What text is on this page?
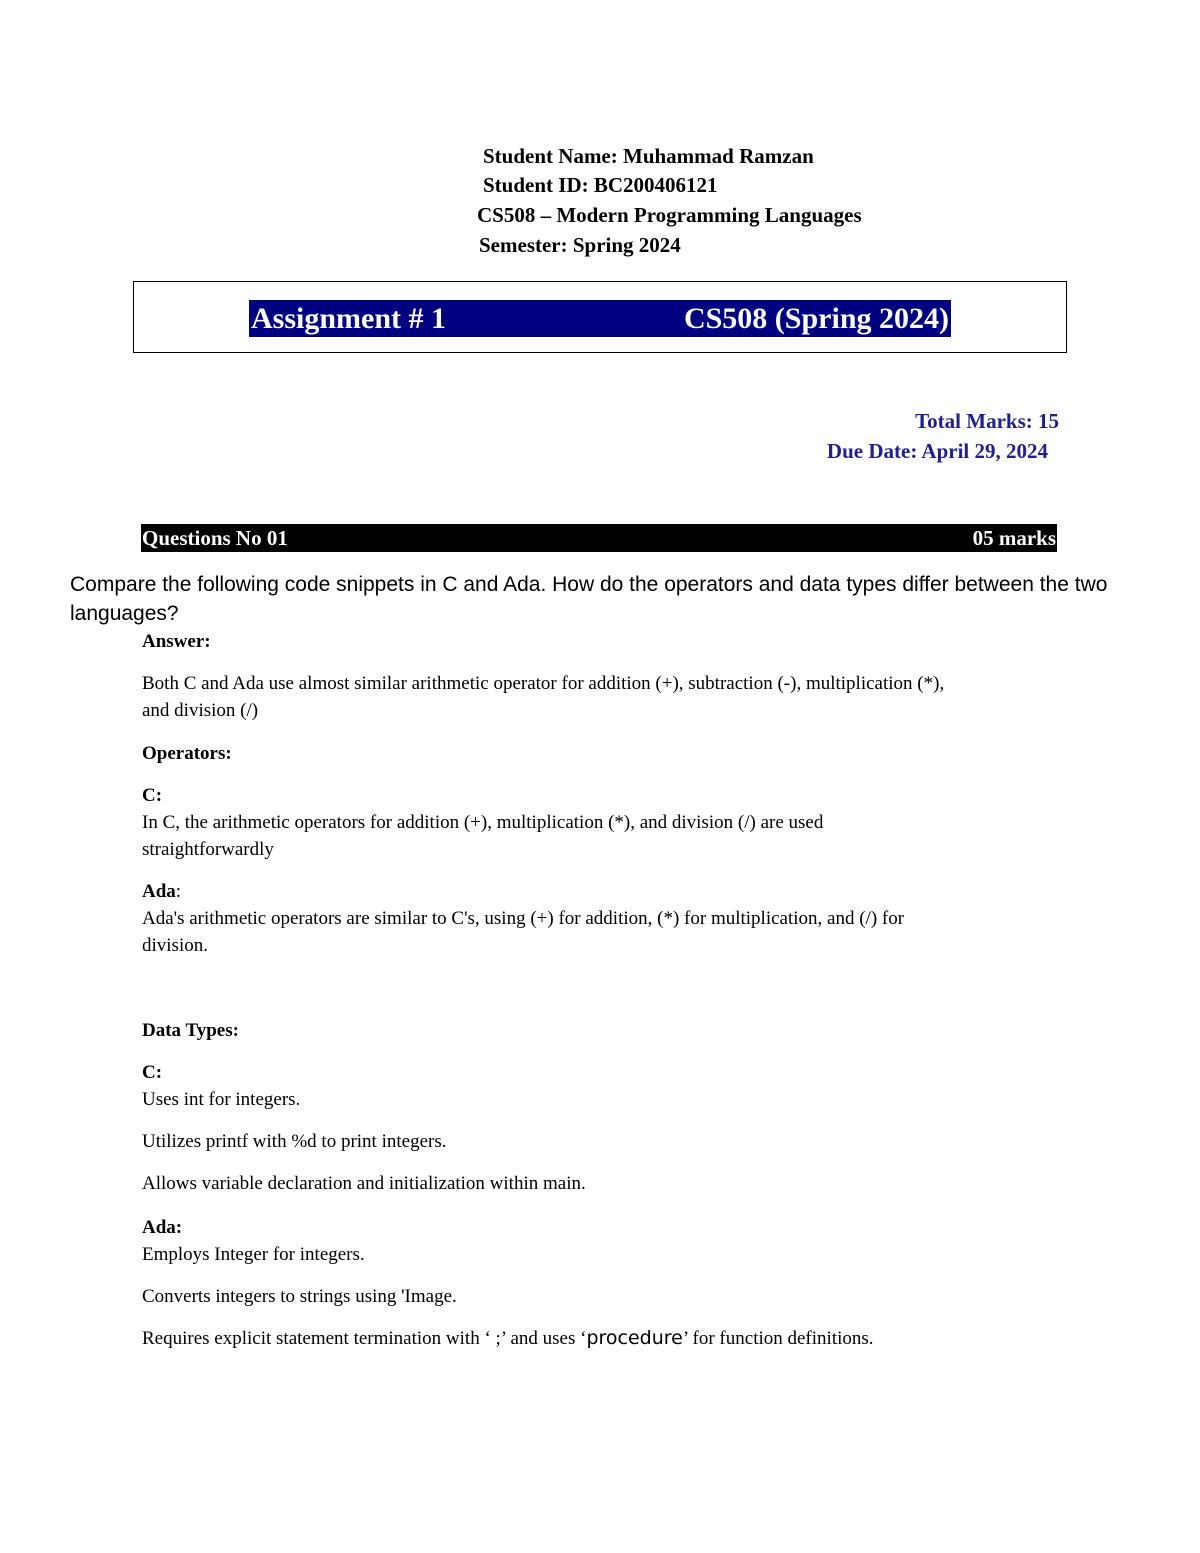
Student Name: Muhammad Ramzan
Student ID: BC200406121
CS508 – Modern Programming Languages
Semester: Spring 2024
Assignment # 1	CS508 (Spring 2024)
Total Marks: 15
Due Date: April 29, 2024
Questions No 01	05 marks
Compare the following code snippets in C and Ada. How do the operators and data types differ between the two languages?
Answer:
Both C and Ada use almost similar arithmetic operator for addition (+), subtraction (-), multiplication (*),
and division (/)
Operators:
C:
In C, the arithmetic operators for addition (+), multiplication (*), and division (/) are used
straightforwardly
Ada:
Ada's arithmetic operators are similar to C's, using (+) for addition, (*) for multiplication, and (/) for
division.
Data Types:
C:
Uses int for integers.
Utilizes printf with %d to print integers.
Allows variable declaration and initialization within main.
Ada:
Employs Integer for integers.
Converts integers to strings using 'Image.
Requires explicit statement termination with ‘ ;’ and uses ‘procedure’ for function definitions.
